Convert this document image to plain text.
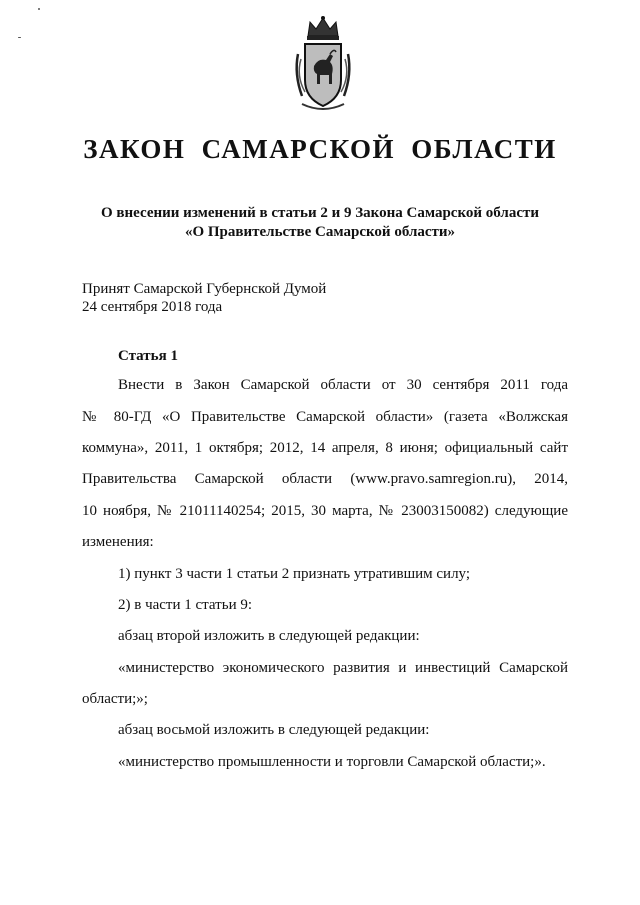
ЗАКОН САМАРСКОЙ ОБЛАСТИ
О внесении изменений в статьи 2 и 9 Закона Самарской области
«О Правительстве Самарской области»
Принят Самарской Губернской Думой
24 сентября 2018 года
Статья 1
Внести в Закон Самарской области от 30 сентября 2011 года
№ 80-ГД «О Правительстве Самарской области» (газета «Волжская
коммуна», 2011, 1 октября; 2012, 14 апреля, 8 июня; официальный сайт
Правительства Самарской области (www.pravo.samregion.ru), 2014,
10 ноября, № 21011140254; 2015, 30 марта, № 23003150082) следующие
изменения:
1) пункт 3 части 1 статьи 2 признать утратившим силу;
2) в части 1 статьи 9:
абзац второй изложить в следующей редакции:
«министерство экономического развития и инвестиций Самарской
области;»;
абзац восьмой изложить в следующей редакции:
«министерство промышленности и торговли Самарской области;».
